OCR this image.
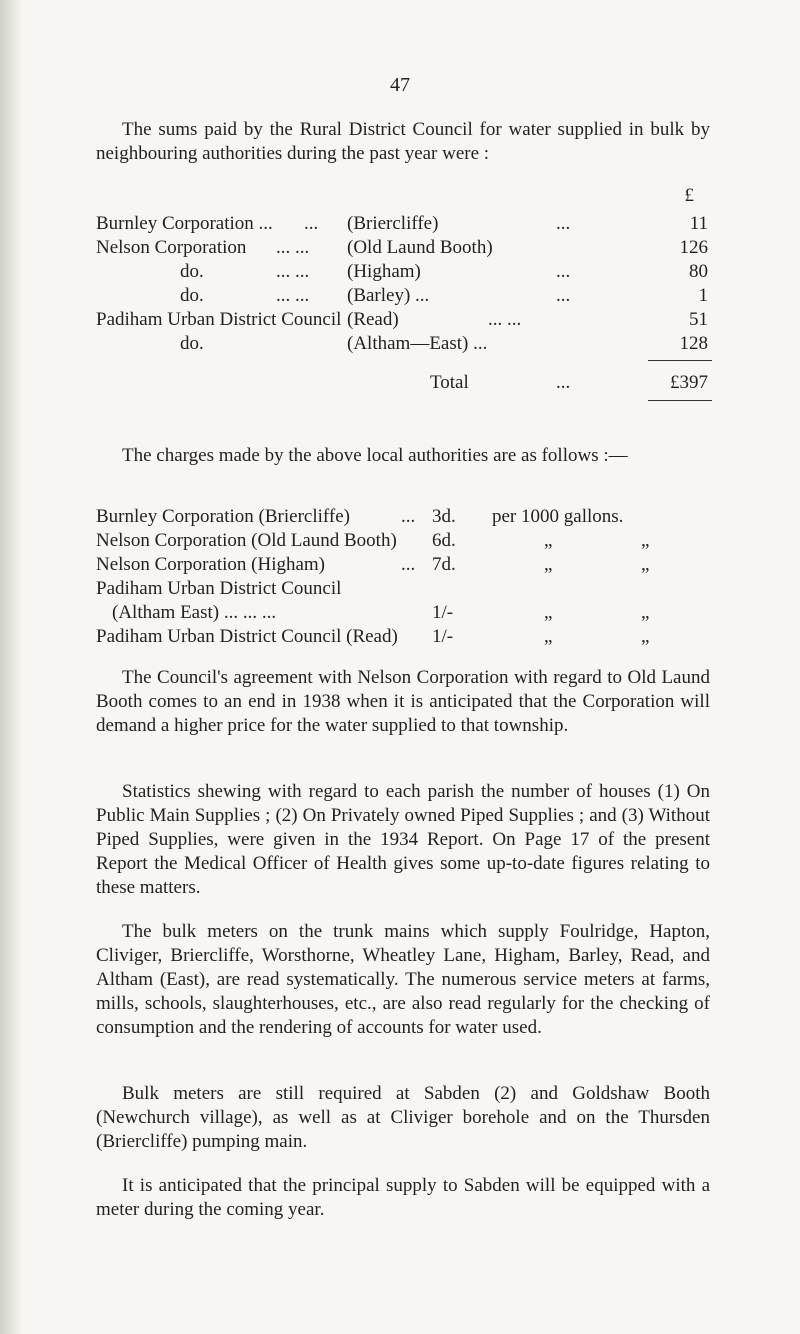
47

The sums paid by the Rural District Council for water supplied in bulk by neighbouring authorities during the past year were :

£
Burnley Corporation ... ... (Briercliffe)	...	11
Nelson Corporation ... ... (Old Laund Booth)	126
do.	... ... (Higham)	...	80
do.	... ... (Barley) ...	...	1
Padiham Urban District Council (Read)	... ...	51
do.	(Altham—East) ...	128
Total	...	£397

The charges made by the above local authorities are as follows :—

Burnley Corporation (Briercliffe)	... 3d. per 1000 gallons.
Nelson Corporation (Old Laund Booth) 6d.	„	„
Nelson Corporation (Higham)	... 7d.	„	„
Padiham Urban District Council
(Altham East) ... ... ...	1/-	„	„
Padiham Urban District Council (Read) 1/-	„	„

The Council's agreement with Nelson Corporation with regard to Old Laund Booth comes to an end in 1938 when it is anticipated that the Corporation will demand a higher price for the water supplied to that township.

Statistics shewing with regard to each parish the number of houses (1) On Public Main Supplies ; (2) On Privately owned Piped Supplies ; and (3) Without Piped Supplies, were given in the 1934 Report. On Page 17 of the present Report the Medical Officer of Health gives some up-to-date figures relating to these matters.

The bulk meters on the trunk mains which supply Foulridge, Hapton, Cliviger, Briercliffe, Worsthorne, Wheatley Lane, Higham, Barley, Read, and Altham (East), are read systematically. The numerous service meters at farms, mills, schools, slaughterhouses, etc., are also read regularly for the checking of consumption and the rendering of accounts for water used.

Bulk meters are still required at Sabden (2) and Goldshaw Booth (Newchurch village), as well as at Cliviger borehole and on the Thursden (Briercliffe) pumping main.

It is anticipated that the principal supply to Sabden will be equipped with a meter during the coming year.
